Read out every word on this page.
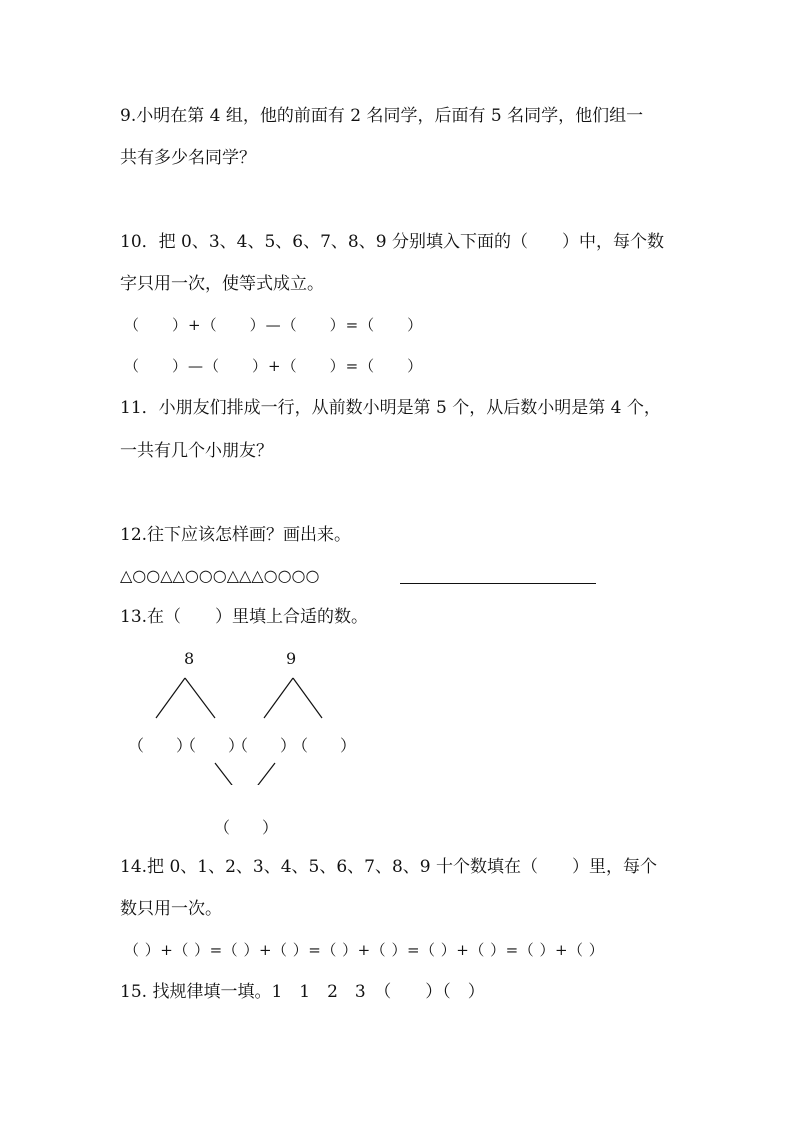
9.小明在第 4 组，他的前面有 2 名同学，后面有 5 名同学，他们组一
共有多少名同学？
10．把 0、3、4、5、6、7、8、9 分别填入下面的（　　）中，每个数
字只用一次，使等式成立。
（　　）+（　　）—（　　）=（　　）
（　　）—（　　）+（　　）=（　　）
11．小朋友们排成一行，从前数小明是第 5 个，从后数小明是第 4 个，
一共有几个小朋友？
12.往下应该怎样画？画出来。
△○○△△○○○△△△○○○○
13.在（　　）里填上合适的数。
8	9
（　　）
（　　）
（　　）
（　　）
（　　）
14.把 0、1、2、3、4、5、6、7、8、9 十个数填在（　　）里，每个
数只用一次。
（ ）+（ ）=（ ）+（ ）=（ ）+（ ）=（ ）+（ ）=（ ）+（ ）
15. 找规律填一填。1　1　2　3　（　　）（　）
